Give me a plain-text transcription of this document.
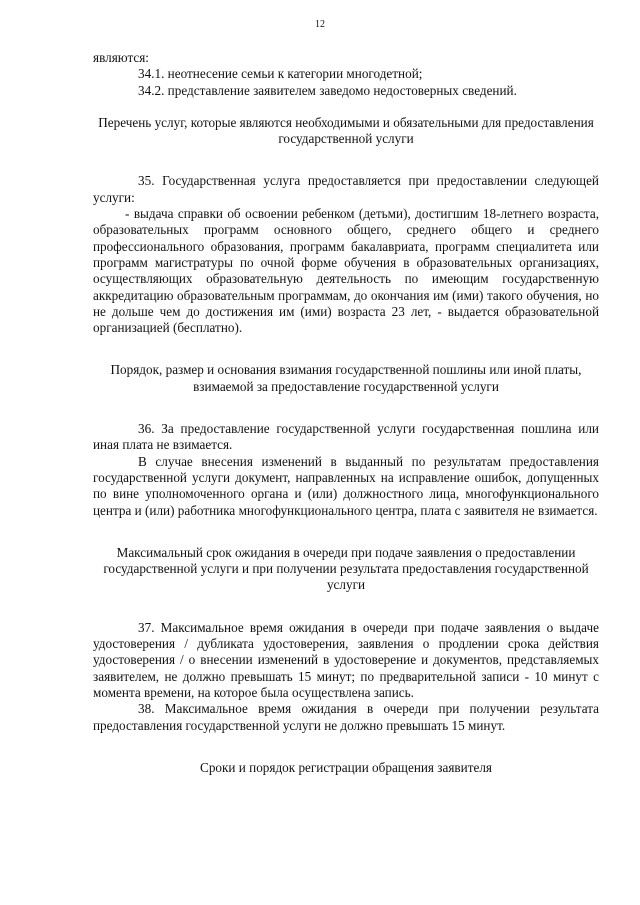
12

являются:

34.1. неотнесение семьи к категории многодетной;

34.2. представление заявителем заведомо недостоверных сведений.

Перечень услуг, которые являются необходимыми и обязательными для предоставления государственной услуги

35. Государственная услуга предоставляется при предоставлении следующей услуги:

- выдача справки об освоении ребенком (детьми), достигшим 18-летнего возраста, образовательных программ основного общего, среднего общего и среднего профессионального образования, программ бакалавриата, программ специалитета или программ магистратуры по очной форме обучения в образовательных организациях, осуществляющих образовательную деятельность по имеющим государственную аккредитацию образовательным программам, до окончания им (ими) такого обучения, но не дольше чем до достижения им (ими) возраста 23 лет, - выдается образовательной организацией (бесплатно).

Порядок, размер и основания взимания государственной пошлины или иной платы, взимаемой за предоставление государственной услуги

36. За предоставление государственной услуги государственная пошлина или иная плата не взимается.

В случае внесения изменений в выданный по результатам предоставления государственной услуги документ, направленных на исправление ошибок, допущенных по вине уполномоченного органа и (или) должностного лица, многофункционального центра и (или) работника многофункционального центра, плата с заявителя не взимается.

Максимальный срок ожидания в очереди при подаче заявления о предоставлении государственной услуги и при получении результата предоставления государственной услуги

37. Максимальное время ожидания в очереди при подаче заявления о выдаче удостоверения / дубликата удостоверения, заявления о продлении срока действия удостоверения / о внесении изменений в удостоверение и документов, представляемых заявителем, не должно превышать 15 минут; по предварительной записи - 10 минут с момента времени, на которое была осуществлена запись.

38. Максимальное время ожидания в очереди при получении результата предоставления государственной услуги не должно превышать 15 минут.

Сроки и порядок регистрации обращения заявителя
